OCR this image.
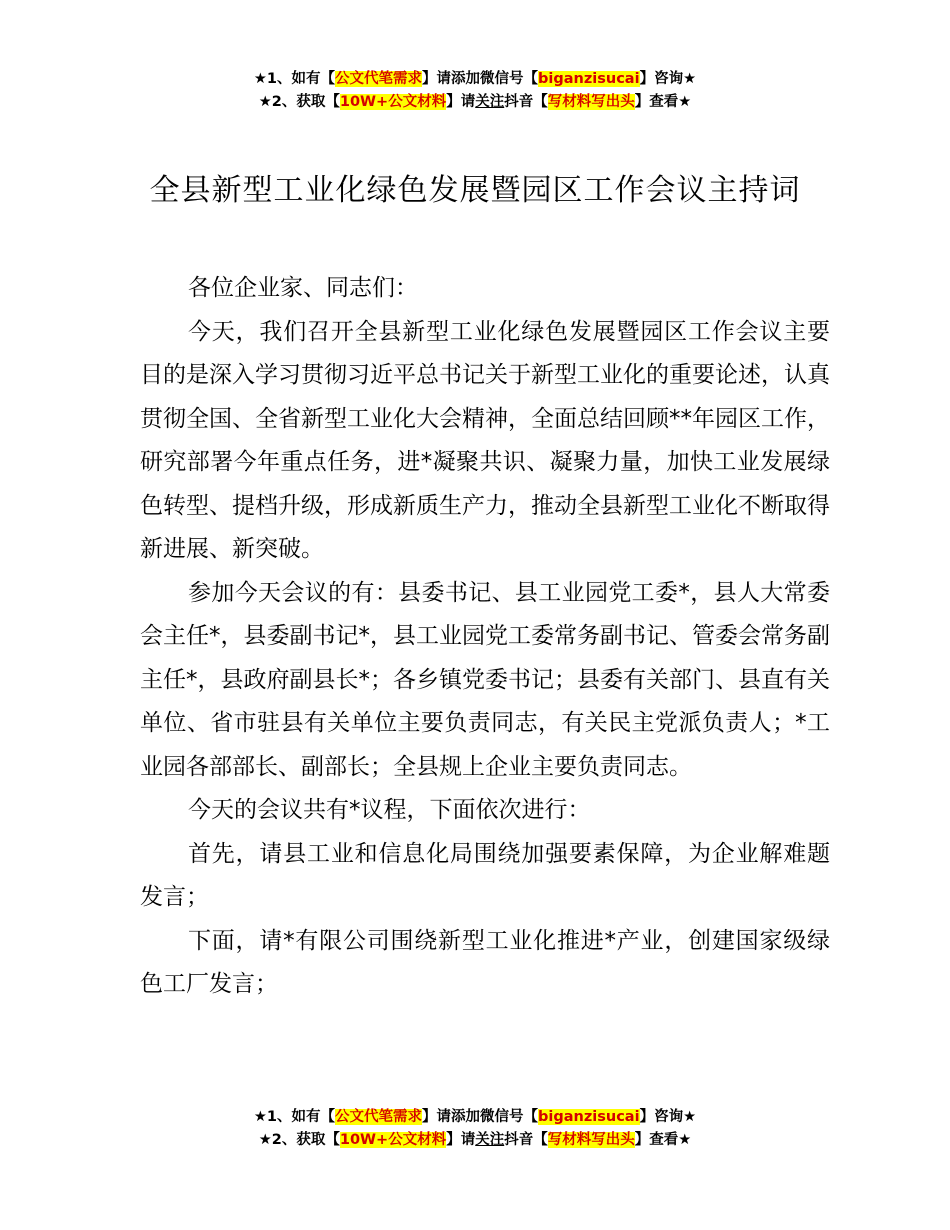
★1、如有【公文代笔需求】请添加微信号【biganzisucai】咨询★
★2、获取【10W+公文材料】请关注抖音【写材料写出头】查看★
全县新型工业化绿色发展暨园区工作会议主持词

各位企业家、同志们：

今天，我们召开全县新型工业化绿色发展暨园区工作会议主要目的是深入学习贯彻习近平总书记关于新型工业化的重要论述，认真贯彻全国、全省新型工业化大会精神，全面总结回顾**年园区工作，研究部署今年重点任务，进*凝聚共识、凝聚力量，加快工业发展绿色转型、提档升级，形成新质生产力，推动全县新型工业化不断取得新进展、新突破。

参加今天会议的有：县委书记、县工业园党工委*，县人大常委会主任*，县委副书记*，县工业园党工委常务副书记、管委会常务副主任*，县政府副县长*；各乡镇党委书记；县委有关部门、县直有关单位、省市驻县有关单位主要负责同志，有关民主党派负责人；*工业园各部部长、副部长；全县规上企业主要负责同志。

今天的会议共有*议程，下面依次进行：

首先，请县工业和信息化局围绕加强要素保障，为企业解难题发言；

下面，请*有限公司围绕新型工业化推进*产业，创建国家级绿色工厂发言；

★1、如有【公文代笔需求】请添加微信号【biganzisucai】咨询★
★2、获取【10W+公文材料】请关注抖音【写材料写出头】查看★
